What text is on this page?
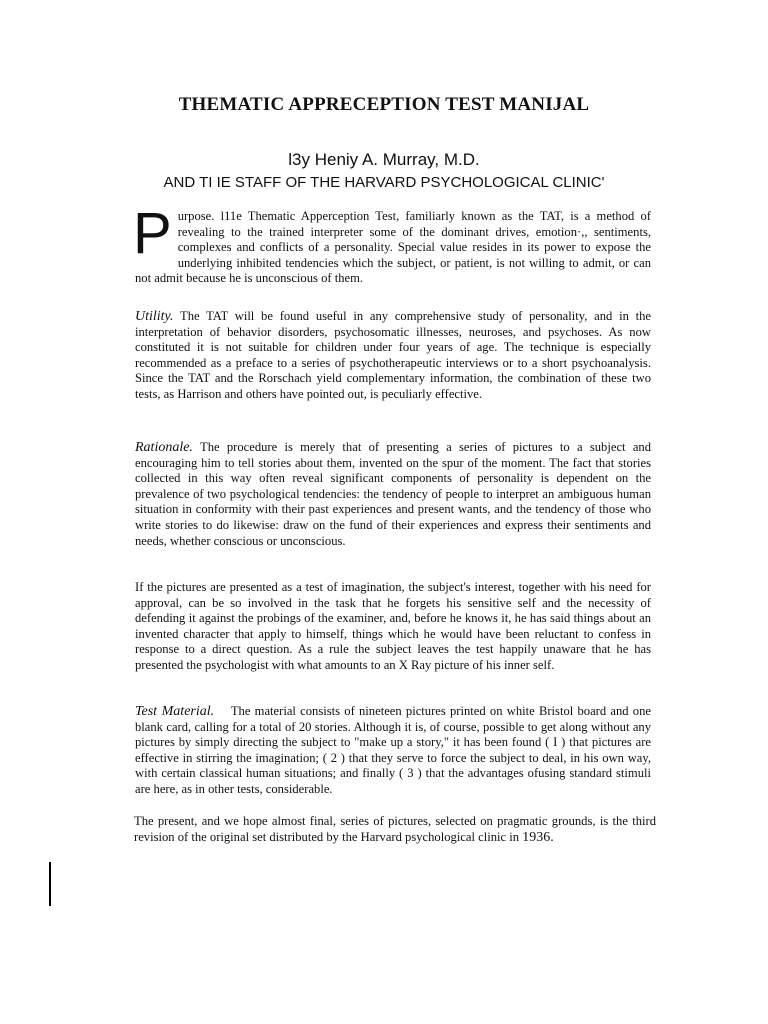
THEMATIC APPRECEPTION TEST MANIJAL
l3y Heniy A. Murray, M.D.
AND TI IE STAFF OF THE HARVARD PSYCHOLOGICAL CLINIC'
Purpose. l11e Thematic Apperception Test, familiarly known as the TAT, is a method of revealing to the trained interpreter some of the dominant drives, emotion·,, sentiments, complexes and conflicts of a personality. Special value resides in its power to expose the underlying inhibited tendencies which the subject, or patient, is not willing to admit, or can not admit because he is unconscious of them.
Utility. The TAT will be found useful in any comprehensive study of personality, and in the interpretation of behavior disorders, psychosomatic illnesses, neuroses, and psychoses. As now constituted it is not suitable for children under four years of age. The technique is especially recommended as a preface to a series of psychotherapeutic interviews or to a short psychoanalysis. Since the TAT and the Rorschach yield complementary information, the combination of these two tests, as Harrison and others have pointed out, is peculiarly effective.
Rationale. The procedure is merely that of presenting a series of pictures to a subject and encouraging him to tell stories about them, invented on the spur of the moment. The fact that stories collected in this way often reveal significant components of personality is dependent on the prevalence of two psychological tendencies: the tendency of people to interpret an ambiguous human situation in conformity with their past experiences and present wants, and the tendency of those who write stories to do likewise: draw on the fund of their experiences and express their sentiments and needs, whether conscious or unconscious.
If the pictures are presented as a test of imagination, the subject's interest, together with his need for approval, can be so involved in the task that he forgets his sensitive self and the necessity of defending it against the probings of the examiner, and, before he knows it, he has said things about an invented character that apply to himself, things which he would have been reluctant to confess in response to a direct question. As a rule the subject leaves the test happily unaware that he has presented the psychologist with what amounts to an X Ray picture of his inner self.
Test Material.    The material consists of nineteen pictures printed on white Bristol board and one blank card, calling for a total of 20 stories. Although it is, of course, possible to get along without any pictures by simply directing the subject to "make up a story," it has been found ( I ) that pictures are effective in stirring the imagination; ( 2 ) that they serve to force the subject to deal, in his own way, with certain classical human situations; and finally ( 3 ) that the advantages ofusing standard stimuli are here, as in other tests, considerable.
The present, and we hope almost final, series of pictures, selected on pragmatic grounds, is the third revision of the original set distributed by the Harvard psychological clinic in 1936.
